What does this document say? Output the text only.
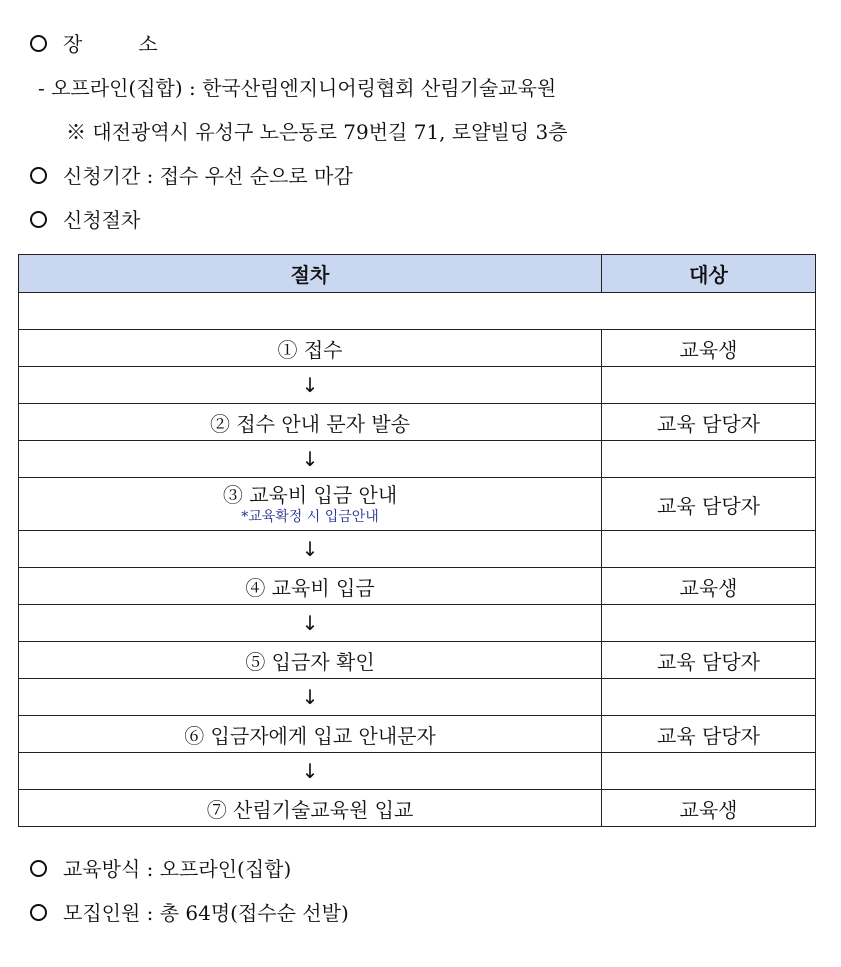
장	소
- 오프라인(집합) : 한국산림엔지니어링협회 산림기술교육원
※ 대전광역시 유성구 노은동로 79번길 71, 로얄빌딩 3층
신청기간 : 접수 우선 순으로 마감
신청절차
절차	대상

① 접수	교육생
↓	
② 접수 안내 문자 발송	교육 담당자
↓	

③ 교육비 입금 안내
*교육확정 시 입금안내	교육 담당자
↓	
④ 교육비 입금	교육생
↓	
⑤ 입금자 확인	교육 담당자
↓	
⑥ 입금자에게 입교 안내문자	교육 담당자
↓	
⑦ 산림기술교육원 입교	교육생
교육방식 : 오프라인(집합)
모집인원 : 총 64명(접수순 선발)
